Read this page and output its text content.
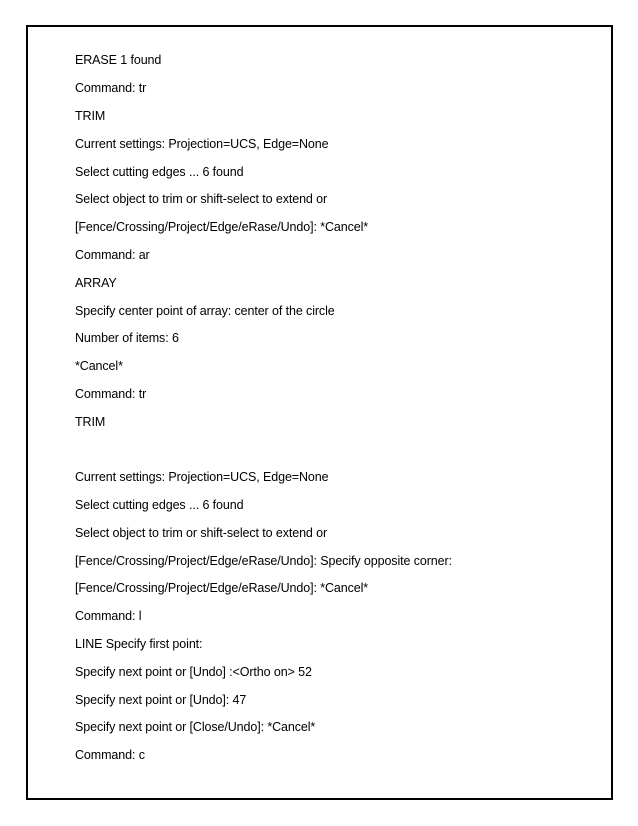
ERASE 1 found
Command: tr
TRIM
Current settings: Projection=UCS, Edge=None
Select cutting edges ... 6 found
Select object to trim or shift-select to extend or
[Fence/Crossing/Project/Edge/eRase/Undo]: *Cancel*
Command: ar
ARRAY
Specify center point of array: center of the circle
Number of items: 6
*Cancel*
Command: tr
TRIM
Current settings: Projection=UCS, Edge=None
Select cutting edges ... 6 found
Select object to trim or shift-select to extend or
[Fence/Crossing/Project/Edge/eRase/Undo]: Specify opposite corner:
[Fence/Crossing/Project/Edge/eRase/Undo]: *Cancel*
Command: l
LINE Specify first point:
Specify next point or [Undo] :<Ortho on> 52
Specify next point or [Undo]: 47
Specify next point or [Close/Undo]: *Cancel*
Command: c
